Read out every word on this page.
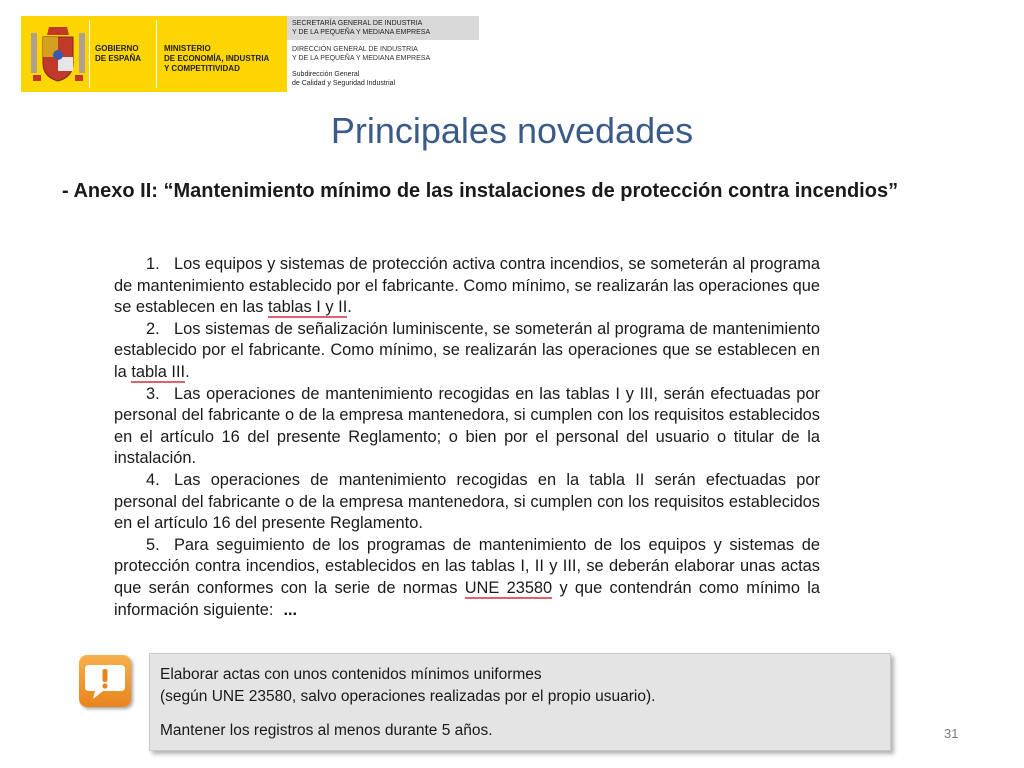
GOBIERNO
DE ESPAÑA
MINISTERIO
DE ECONOMÍA, INDUSTRIA
Y COMPETITIVIDAD
SECRETARÍA GENERAL DE INDUSTRIA
Y DE LA PEQUEÑA Y MEDIANA EMPRESA
DIRECCIÓN GENERAL DE INDUSTRIA
Y DE LA PEQUEÑA Y MEDIANA EMPRESA
Subdirección General
de Calidad y Seguridad Industrial
Principales novedades
- Anexo II: “Mantenimiento mínimo de las instalaciones de protección contra incendios”

1. Los equipos y sistemas de protección activa contra incendios, se someterán al programa de mantenimiento establecido por el fabricante. Como mínimo, se realizarán las operaciones que se establecen en las tablas I y II.

2. Los sistemas de señalización luminiscente, se someterán al programa de mantenimiento establecido por el fabricante. Como mínimo, se realizarán las operaciones que se establecen en la tabla III.

3. Las operaciones de mantenimiento recogidas en las tablas I y III, serán efectuadas por personal del fabricante o de la empresa mantenedora, si cumplen con los requisitos establecidos en el artículo 16 del presente Reglamento; o bien por el personal del usuario o titular de la instalación.

4. Las operaciones de mantenimiento recogidas en la tabla II serán efectuadas por personal del fabricante o de la empresa mantenedora, si cumplen con los requisitos establecidos en el artículo 16 del presente Reglamento.

5. Para seguimiento de los programas de mantenimiento de los equipos y sistemas de protección contra incendios, establecidos en las tablas I, II y III, se deberán elaborar unas actas que serán conformes con la serie de normas UNE 23580 y que contendrán como mínimo la información siguiente: ...

Elaborar actas con unos contenidos mínimos uniformes
(según UNE 23580, salvo operaciones realizadas por el propio usuario).
Mantener los registros al menos durante 5 años.	31
